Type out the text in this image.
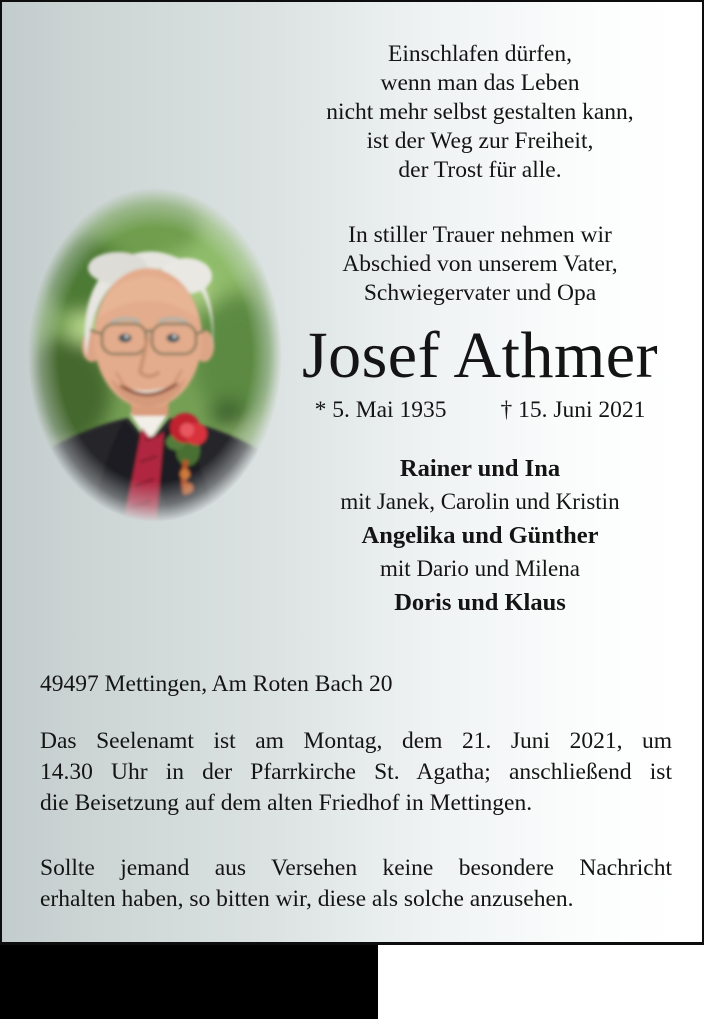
Einschlafen dürfen,
wenn man das Leben
nicht mehr selbst gestalten kann,
ist der Weg zur Freiheit,
der Trost für alle.
In stiller Trauer nehmen wir
Abschied von unserem Vater,
Schwiegervater und Opa
Josef Athmer
* 5. Mai 1935 † 15. Juni 2021
Rainer und Ina
mit Janek, Carolin und Kristin
Angelika und Günther
mit Dario und Milena
Doris und Klaus
49497 Mettingen, Am Roten Bach 20
Das Seelenamt ist am Montag, dem 21. Juni 2021, um
14.30 Uhr in der Pfarrkirche St. Agatha; anschließend ist
die Beisetzung auf dem alten Friedhof in Mettingen.
Sollte jemand aus Versehen keine besondere Nachricht
erhalten haben, so bitten wir, diese als solche anzusehen.
